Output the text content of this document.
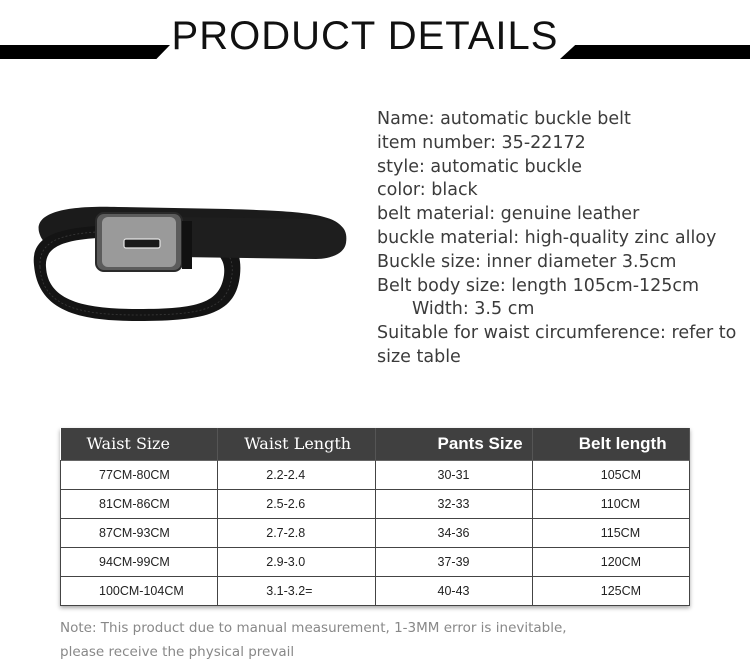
PRODUCT DETAILS
Name: automatic buckle belt
item number: 35-22172
style: automatic buckle
color: black
belt material: genuine leather
buckle material: high-quality zinc alloy
Buckle size: inner diameter 3.5cm
Belt body size: length 105cm-125cm
Width: 3.5 cm
Suitable for waist circumference: refer to
size table
Waist Size	Waist Length	Pants Size	Belt length
77CM-80CM	2.2-2.4	30-31	105CM
81CM-86CM	2.5-2.6	32-33	110CM
87CM-93CM	2.7-2.8	34-36	115CM
94CM-99CM	2.9-3.0	37-39	120CM
100CM-104CM	3.1-3.2=	40-43	125CM
Note: This product due to manual measurement, 1-3MM error is inevitable,
please receive the physical prevail
